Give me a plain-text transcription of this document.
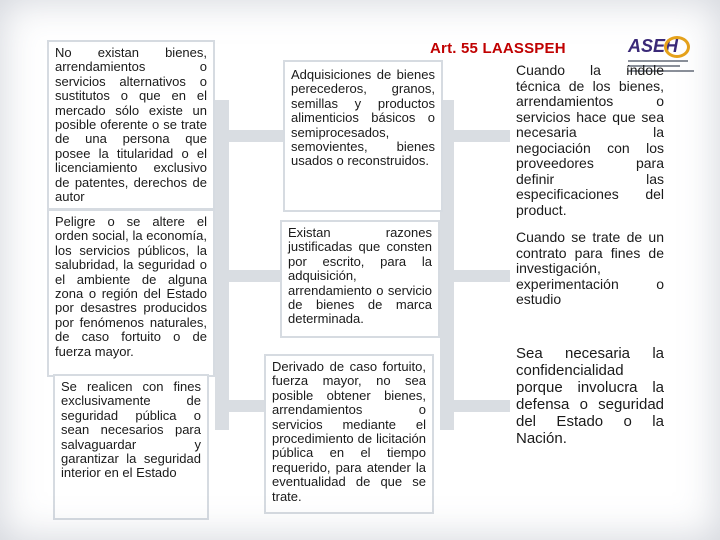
Art. 55 LAASSPEH	ASEH

No existan bienes, arrendamientos o servicios alternativos o sustitutos o que en el mercado sólo existe un posible oferente o se trate de una persona que posee la titularidad o el licenciamiento exclusivo de patentes, derechos de autor

Peligre o se altere el orden social, la economía, los servicios públicos, la salubridad, la seguridad o el ambiente de alguna zona o región del Estado por desastres producidos por fenómenos naturales, de caso fortuito o de fuerza mayor.

Se realicen con fines exclusivamente de seguridad pública o sean necesarios para salvaguardar y garantizar la seguridad interior en el Estado

Adquisiciones de bienes perecederos, granos, semillas y productos alimenticios básicos o semiprocesados, semovientes, bienes usados o reconstruidos.

Existan razones justificadas que consten por escrito, para la adquisición, arrendamiento o servicio de bienes de marca determinada.

Derivado de caso fortuito, fuerza mayor, no sea posible obtener bienes, arrendamientos o servicios mediante el procedimiento de licitación pública en el tiempo requerido, para atender la eventualidad de que se trate.

Cuando la índole técnica de los bienes, arrendamientos o servicios hace que sea necesaria la negociación con los proveedores para definir las especificaciones del product.
Cuando se trate de un contrato para fines de investigación, experimentación o estudio
Sea necesaria la confidencialidad porque involucra la defensa o seguridad del Estado o la Nación.
